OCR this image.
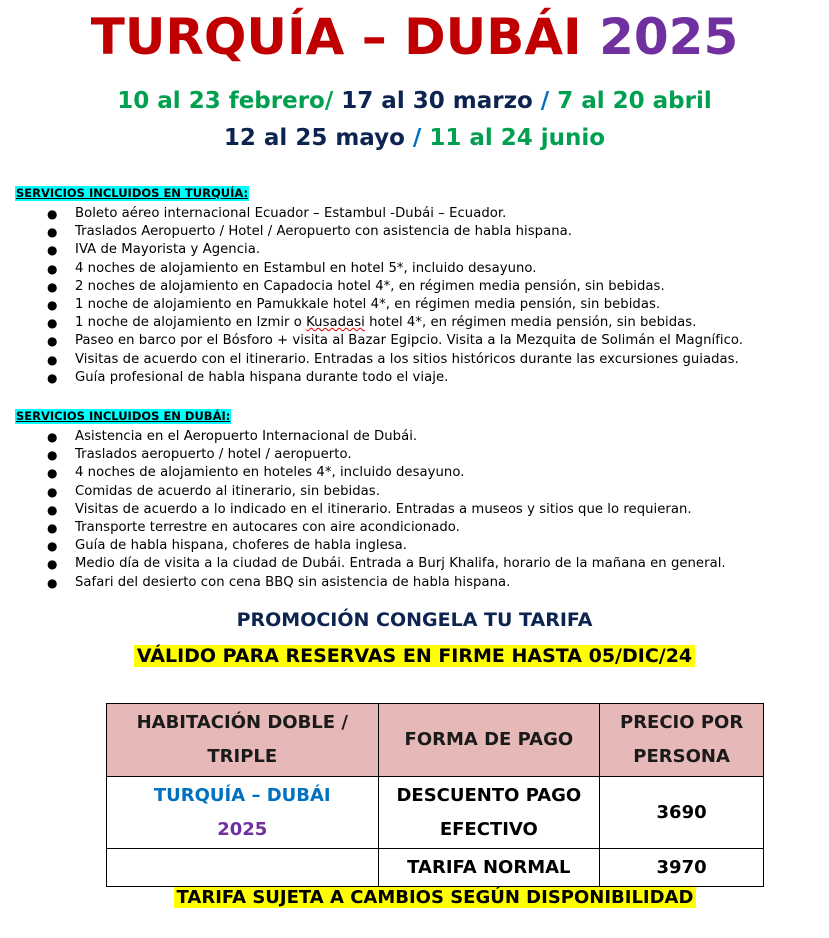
TURQUÍA – DUBÁI 2025
10 al 23 febrero/ 17 al 30 marzo / 7 al 20 abril
12 al 25 mayo / 11 al 24 junio
SERVICIOS INCLUIDOS EN TURQUÍA:
● Boleto aéreo internacional Ecuador – Estambul -Dubái – Ecuador.
● Traslados Aeropuerto / Hotel / Aeropuerto con asistencia de habla hispana.
● IVA de Mayorista y Agencia.
● 4 noches de alojamiento en Estambul en hotel 5*, incluido desayuno.
● 2 noches de alojamiento en Capadocia hotel 4*, en régimen media pensión, sin bebidas.
● 1 noche de alojamiento en Pamukkale hotel 4*, en régimen media pensión, sin bebidas.
● 1 noche de alojamiento en Izmir o Kusadasi hotel 4*, en régimen media pensión, sin bebidas.
● Paseo en barco por el Bósforo + visita al Bazar Egipcio. Visita a la Mezquita de Solimán el Magnífico.
● Visitas de acuerdo con el itinerario. Entradas a los sitios históricos durante las excursiones guiadas.
● Guía profesional de habla hispana durante todo el viaje.
SERVICIOS INCLUIDOS EN DUBÁI:
● Asistencia en el Aeropuerto Internacional de Dubái.
● Traslados aeropuerto / hotel / aeropuerto.
● 4 noches de alojamiento en hoteles 4*, incluido desayuno.
● Comidas de acuerdo al itinerario, sin bebidas.
● Visitas de acuerdo a lo indicado en el itinerario. Entradas a museos y sitios que lo requieran.
● Transporte terrestre en autocares con aire acondicionado.
● Guía de habla hispana, choferes de habla inglesa.
● Medio día de visita a la ciudad de Dubái. Entrada a Burj Khalifa, horario de la mañana en general.
● Safari del desierto con cena BBQ sin asistencia de habla hispana.
PROMOCIÓN CONGELA TU TARIFA
VÁLIDO PARA RESERVAS EN FIRME HASTA 05/DIC/24
HABITACIÓN DOBLE / TRIPLE	FORMA DE PAGO	PRECIO POR PERSONA
TURQUÍA – DUBÁI
2025	DESCUENTO PAGO EFECTIVO	3690
	TARIFA NORMAL	3970
TARIFA SUJETA A CAMBIOS SEGÚN DISPONIBILIDAD
